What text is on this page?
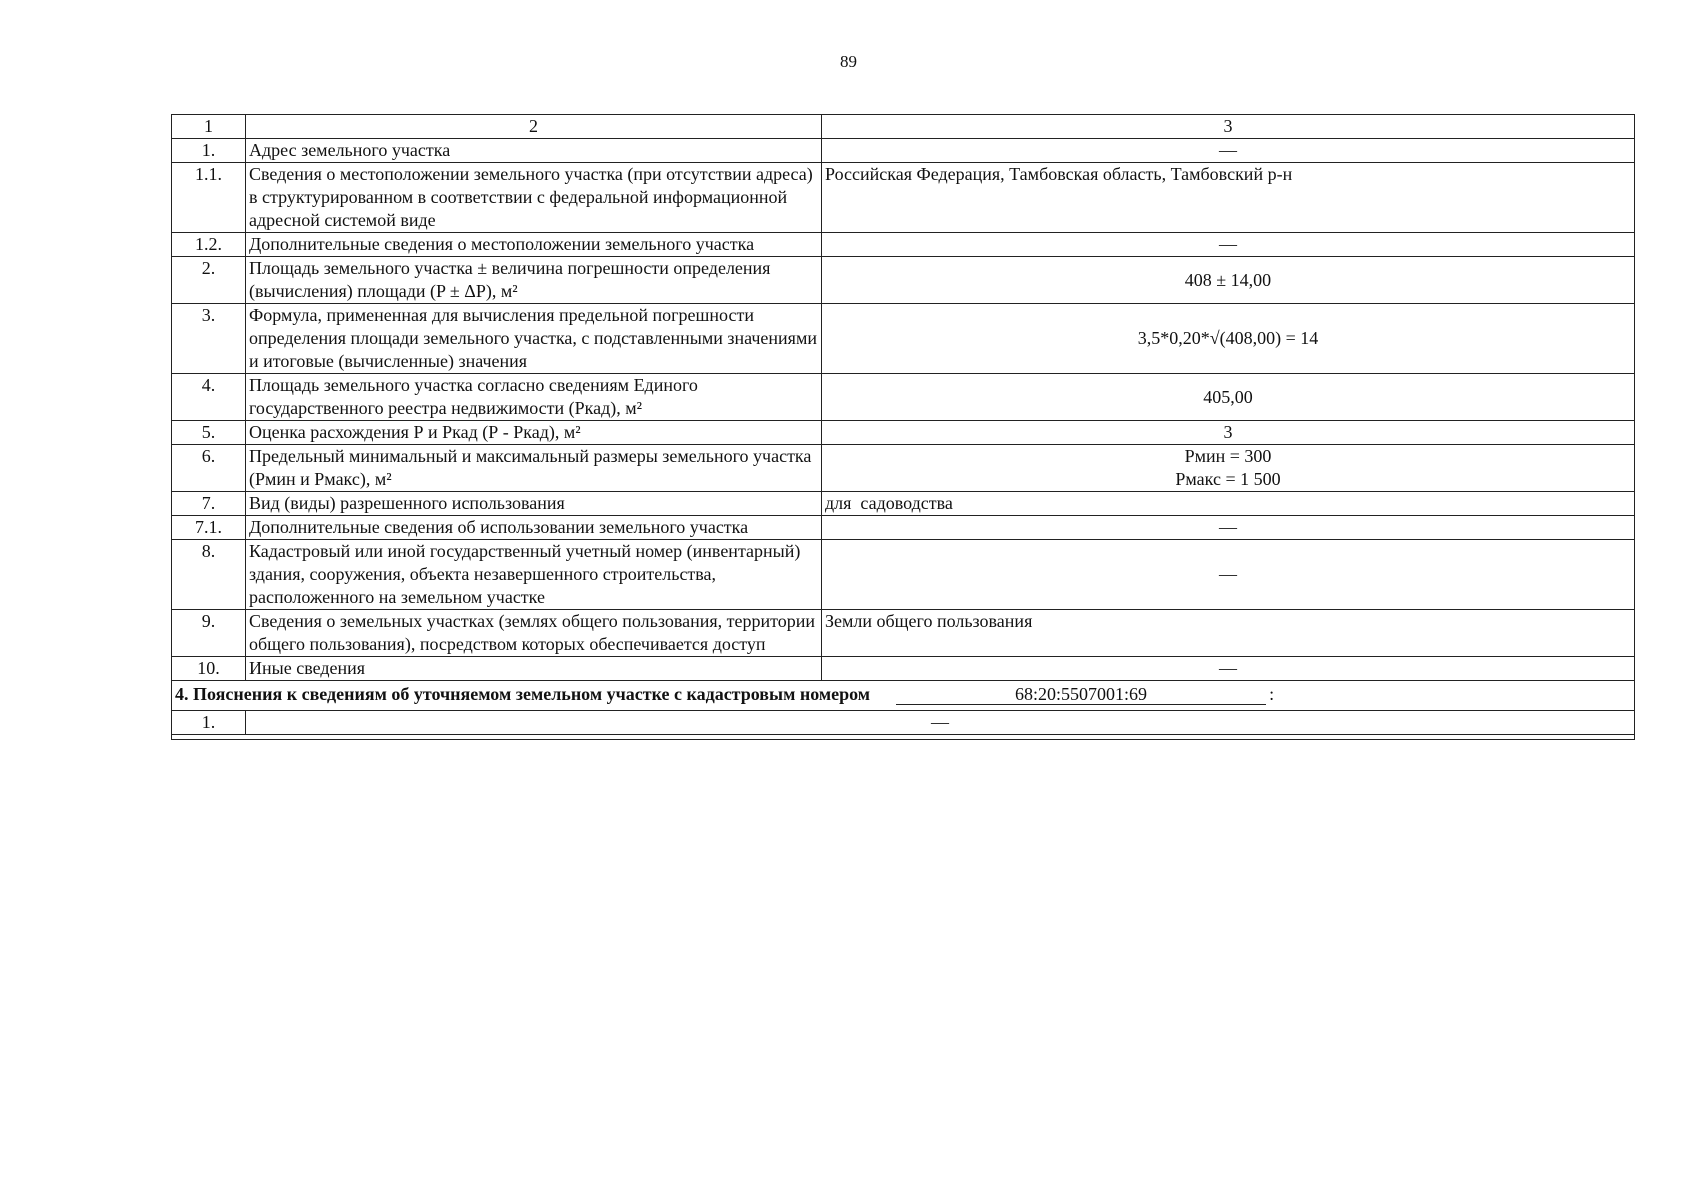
89
1	2	3
1.	Адрес земельного участка	—
1.1.	Сведения о местоположении земельного участка (при отсутствии адреса) в структурированном в соответствии с федеральной информационной адресной системой виде	Российская Федерация, Тамбовская область, Тамбовский р-н
1.2.	Дополнительные сведения о местоположении земельного участка	—
2.	Площадь земельного участка ± величина погрешности определения (вычисления) площади (P ± ΔP), м²	408 ± 14,00
3.	Формула, примененная для вычисления предельной погрешности определения площади земельного участка, с подставленными значениями и итоговые (вычисленные) значения	3,5*0,20*√(408,00) = 14
4.	Площадь земельного участка согласно сведениям Единого государственного реестра недвижимости (Ркад), м²	405,00
5.	Оценка расхождения Р и Ркад (Р - Ркад), м²	3
6.	Предельный минимальный и максимальный размеры земельного участка (Рмин и Рмакс), м²	Рмин = 300
Рмакс = 1 500

7.	Вид (виды) разрешенного использования	для  садоводства
7.1.	Дополнительные сведения об использовании земельного участка	—
8.	Кадастровый или иной государственный учетный номер (инвентарный) здания, сооружения, объекта незавершенного строительства, расположенного на земельном участке	—
9.	Сведения о земельных участках (землях общего пользования, территории общего пользования), посредством которых обеспечивается доступ	Земли общего пользования
10.	Иные сведения	—
4. Пояснения к сведениям об уточняемом земельном участке с кадастровым номером 68:20:5507001:69 :		
1.	—	
